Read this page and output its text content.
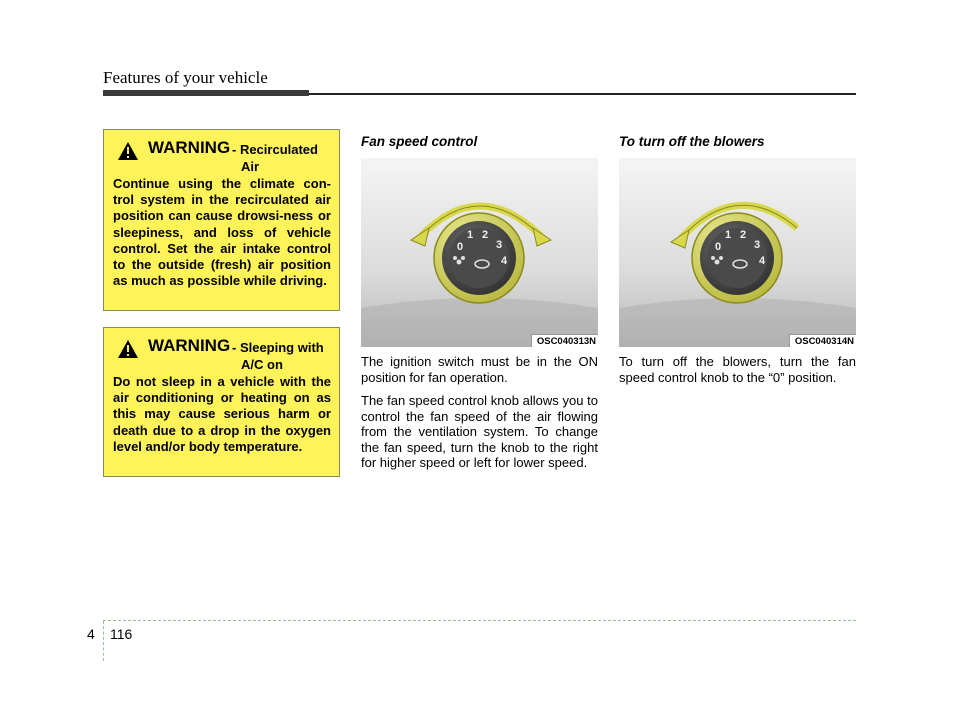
Features of your vehicle
WARNING - Recirculated
Air
Continue using the climate con-trol system in the recirculated air position can cause drowsi-ness or sleepiness, and loss of vehicle control. Set the air intake control to the outside (fresh) air position as much as possible while driving.
WARNING - Sleeping with
A/C on
Do not sleep in a vehicle with the air conditioning or heating on as this may cause serious harm or death due to a drop in the oxygen level and/or body temperature.
Fan speed control
0
1 2
3
4
OSC040313N

The ignition switch must be in the ON position for fan operation.

The fan speed control knob allows you to control the fan speed of the air flowing from the ventilation system. To change the fan speed, turn the knob to the right for higher speed or left for lower speed.

To turn off the blowers
0
1 2
3
4
OSC040314N

To turn off the blowers, turn the fan speed control knob to the “0” position.

4 116
